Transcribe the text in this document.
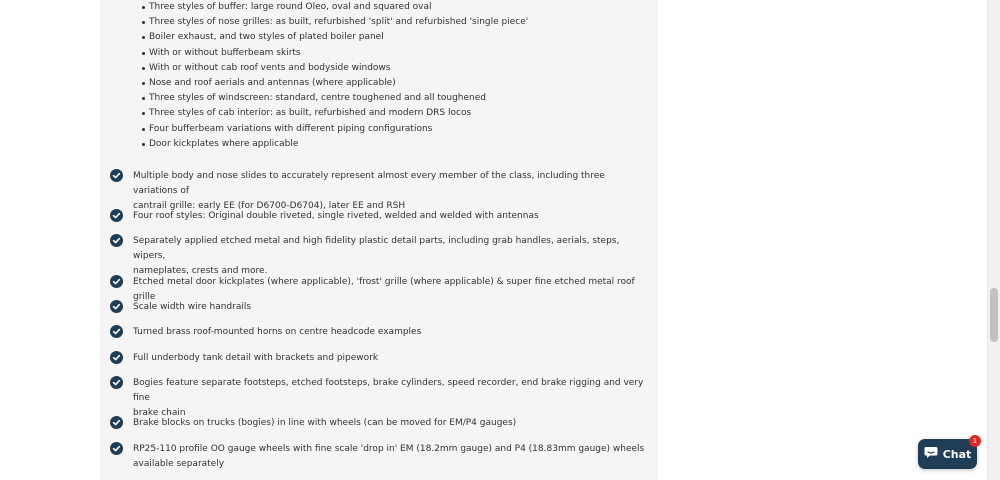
Three styles of buffer: large round Oleo, oval and squared oval
Three styles of nose grilles: as built, refurbished 'split' and refurbished 'single piece'
Boiler exhaust, and two styles of plated boiler panel
With or without bufferbeam skirts
With or without cab roof vents and bodyside windows
Nose and roof aerials and antennas (where applicable)
Three styles of windscreen: standard, centre toughened and all toughened
Three styles of cab interior: as built, refurbished and modern DRS locos
Four bufferbeam variations with different piping configurations
Door kickplates where applicable
Multiple body and nose slides to accurately represent almost every member of the class, including three variations of
cantrail grille: early EE (for D6700-D6704), later EE and RSH
Four roof styles: Original double riveted, single riveted, welded and welded with antennas
Separately applied etched metal and high fidelity plastic detail parts, including grab handles, aerials, steps, wipers,
nameplates, crests and more.
Etched metal door kickplates (where applicable), 'frost' grille (where applicable) & super fine etched metal roof grille
Scale width wire handrails
Turned brass roof-mounted horns on centre headcode examples
Full underbody tank detail with brackets and pipework
Bogies feature separate footsteps, etched footsteps, brake cylinders, speed recorder, end brake rigging and very fine
brake chain
Brake blocks on trucks (bogies) in line with wheels (can be moved for EM/P4 gauges)
RP25-110 profile OO gauge wheels with fine scale 'drop in' EM (18.2mm gauge) and P4 (18.83mm gauge) wheels
available separately
Chat
1
